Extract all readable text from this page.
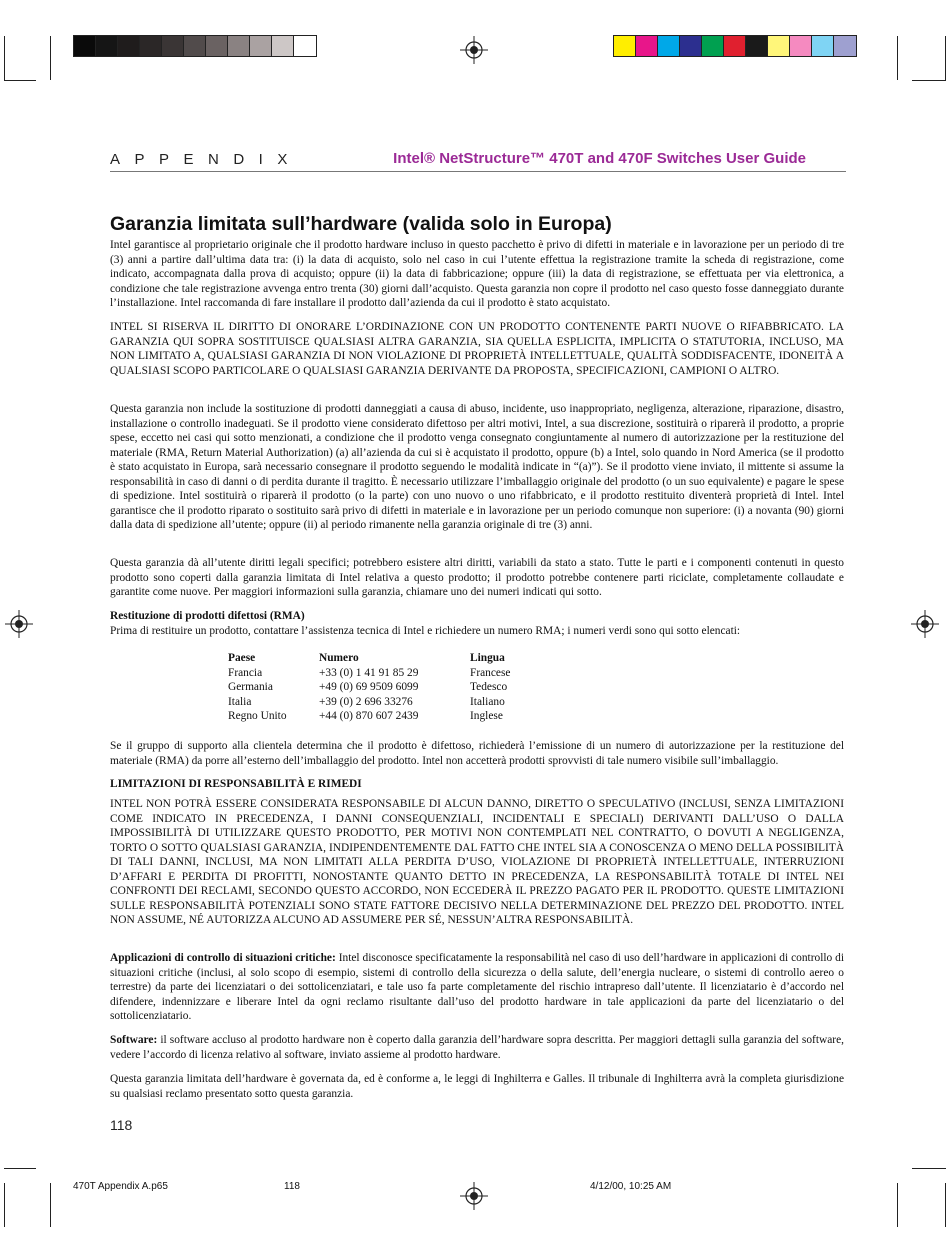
APPENDIX	Intel® NetStructure™ 470T and 470F Switches User Guide
Garanzia limitata sull’hardware (valida solo in Europa)

Intel garantisce al proprietario originale che il prodotto hardware incluso in questo pacchetto è privo di difetti in materiale e in lavorazione per un periodo di tre (3) anni a partire dall’ultima data tra: (i) la data di acquisto, solo nel caso in cui l’utente effettua la registrazione tramite la scheda di registrazione, come indicato, accompagnata dalla prova di acquisto; oppure (ii) la data di fabbricazione; oppure (iii) la data di registrazione, se effettuata per via elettronica, a condizione che tale registrazione avvenga entro trenta (30) giorni dall’acquisto. Questa garanzia non copre il prodotto nel caso questo fosse danneggiato durante l’installazione. Intel raccomanda di fare installare il prodotto dall’azienda da cui il prodotto è stato acquistato.

INTEL SI RISERVA IL DIRITTO DI ONORARE L’ORDINAZIONE CON UN PRODOTTO CONTENENTE PARTI NUOVE O RIFABBRICATO. LA GARANZIA QUI SOPRA SOSTITUISCE QUALSIASI ALTRA GARANZIA, SIA QUELLA ESPLICITA, IMPLICITA O STATUTORIA, INCLUSO, MA NON LIMITATO A, QUALSIASI GARANZIA DI NON VIOLAZIONE DI PROPRIETÀ INTELLETTUALE, QUALITÀ SODDISFACENTE, IDONEITÀ A QUALSIASI SCOPO PARTICOLARE O QUALSIASI GARANZIA DERIVANTE DA PROPOSTA, SPECIFICAZIONI, CAMPIONI O ALTRO.

Questa garanzia non include la sostituzione di prodotti danneggiati a causa di abuso, incidente, uso inappropriato, negligenza, alterazione, riparazione, disastro, installazione o controllo inadeguati. Se il prodotto viene considerato difettoso per altri motivi, Intel, a sua discrezione, sostituirà o riparerà il prodotto, a proprie spese, eccetto nei casi qui sotto menzionati, a condizione che il prodotto venga consegnato congiuntamente al numero di autorizzazione per la restituzione del materiale (RMA, Return Material Authorization) (a) all’azienda da cui si è acquistato il prodotto, oppure (b) a Intel, solo quando in Nord America (se il prodotto è stato acquistato in Europa, sarà necessario consegnare il prodotto seguendo le modalità indicate in “(a)”). Se il prodotto viene inviato, il mittente si assume la responsabilità in caso di danni o di perdita durante il tragitto. È necessario utilizzare l’imballaggio originale del prodotto (o un suo equivalente) e pagare le spese di spedizione. Intel sostituirà o riparerà il prodotto (o la parte) con uno nuovo o uno rifabbricato, e il prodotto restituito diventerà proprietà di Intel. Intel garantisce che il prodotto riparato o sostituito sarà privo di difetti in materiale e in lavorazione per un periodo comunque non superiore: (i) a novanta (90) giorni dalla data di spedizione all’utente; oppure (ii) al periodo rimanente nella garanzia originale di tre (3) anni.

Questa garanzia dà all’utente diritti legali specifici; potrebbero esistere altri diritti, variabili da stato a stato. Tutte le parti e i componenti contenuti in questo prodotto sono coperti dalla garanzia limitata di Intel relativa a questo prodotto; il prodotto potrebbe contenere parti riciclate, completamente collaudate e garantite come nuove. Per maggiori informazioni sulla garanzia, chiamare uno dei numeri indicati qui sotto.

Restituzione di prodotti difettosi (RMA)
Prima di restituire un prodotto, contattare l’assistenza tecnica di Intel e richiedere un numero RMA; i numeri verdi sono qui sotto elencati:

Paese	Numero	Lingua
Francia	+33 (0) 1 41 91 85 29	Francese
Germania	+49 (0) 69 9509 6099	Tedesco
Italia	+39 (0) 2 696 33276	Italiano
Regno Unito	+44 (0) 870 607 2439	Inglese

Se il gruppo di supporto alla clientela determina che il prodotto è difettoso, richiederà l’emissione di un numero di autorizzazione per la restituzione del materiale (RMA) da porre all’esterno dell’imballaggio del prodotto. Intel non accetterà prodotti sprovvisti di tale numero visibile sull’imballaggio.

LIMITAZIONI DI RESPONSABILITÀ E RIMEDI

INTEL NON POTRÀ ESSERE CONSIDERATA RESPONSABILE DI ALCUN DANNO, DIRETTO O SPECULATIVO (INCLUSI, SENZA LIMITAZIONI COME INDICATO IN PRECEDENZA, I DANNI CONSEQUENZIALI, INCIDENTALI E SPECIALI) DERIVANTI DALL’USO O DALLA IMPOSSIBILITÀ DI UTILIZZARE QUESTO PRODOTTO, PER MOTIVI NON CONTEMPLATI NEL CONTRATTO, O DOVUTI A NEGLIGENZA, TORTO O SOTTO QUALSIASI GARANZIA, INDIPENDENTEMENTE DAL FATTO CHE INTEL SIA A CONOSCENZA O MENO DELLA POSSIBILITÀ DI TALI DANNI, INCLUSI, MA NON LIMITATI ALLA PERDITA D’USO, VIOLAZIONE DI PROPRIETÀ INTELLETTUALE, INTERRUZIONI D’AFFARI E PERDITA DI PROFITTI, NONOSTANTE QUANTO DETTO IN PRECEDENZA, LA RESPONSABILITÀ TOTALE DI INTEL NEI CONFRONTI DEI RECLAMI, SECONDO QUESTO ACCORDO, NON ECCEDERÀ IL PREZZO PAGATO PER IL PRODOTTO. QUESTE LIMITAZIONI SULLE RESPONSABILITÀ POTENZIALI SONO STATE FATTORE DECISIVO NELLA DETERMINAZIONE DEL PREZZO DEL PRODOTTO. INTEL NON ASSUME, NÉ AUTORIZZA ALCUNO AD ASSUMERE PER SÉ, NESSUN’ALTRA RESPONSABILITÀ.

Applicazioni di controllo di situazioni critiche: Intel disconosce specificatamente la responsabilità nel caso di uso dell’hardware in applicazioni di controllo di situazioni critiche (inclusi, al solo scopo di esempio, sistemi di controllo della sicurezza o della salute, dell’energia nucleare, o sistemi di controllo aereo o terrestre) da parte dei licenziatari o dei sottolicenziatari, e tale uso fa parte completamente del rischio intrapreso dall’utente. Il licenziatario è d’accordo nel difendere, indennizzare e liberare Intel da ogni reclamo risultante dall’uso del prodotto hardware in tale applicazioni da parte del licenziatario o del sottolicenziatario.

Software: il software accluso al prodotto hardware non è coperto dalla garanzia dell’hardware sopra descritta. Per maggiori dettagli sulla garanzia del software, vedere l’accordo di licenza relativo al software, inviato assieme al prodotto hardware.

Questa garanzia limitata dell’hardware è governata da, ed è conforme a, le leggi di Inghilterra e Galles. Il tribunale di Inghilterra avrà la completa giurisdizione su qualsiasi reclamo presentato sotto questa garanzia.

118
470T Appendix A.p65	118	4/12/00, 10:25 AM
